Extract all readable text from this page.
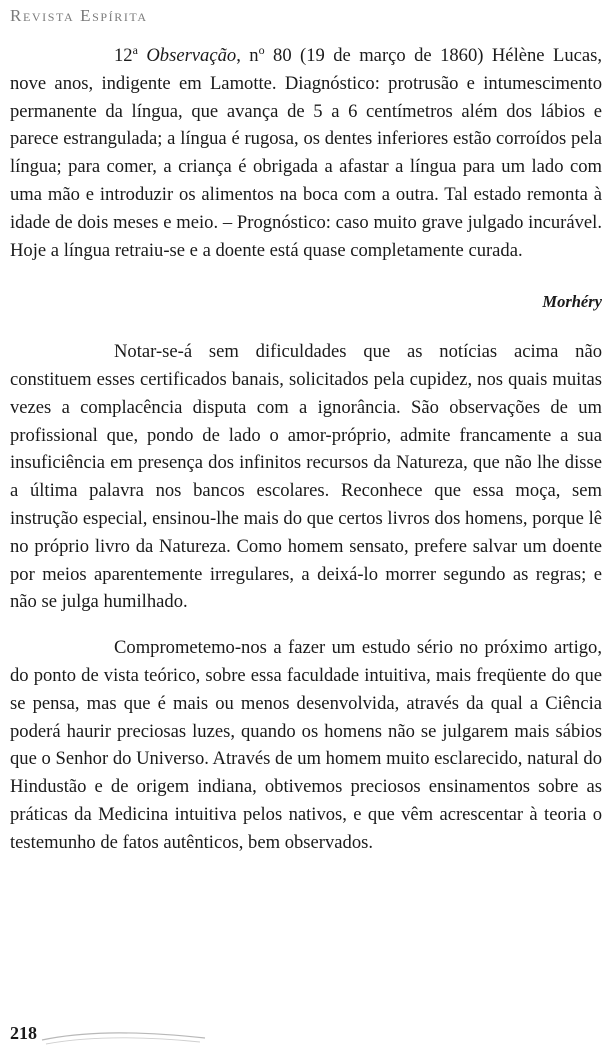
Revista Espírita

12$^a$ Observação, $n^o$ 80 (19 de março de 1860) Hélène Lucas, nove anos, indigente em Lamotte. Diagnóstico: protrusão e intumescimento permanente da língua, que avança de 5 a 6 centímetros além dos lábios e parece estrangulada; a língua é rugosa, os dentes inferiores estão corroídos pela língua; para comer, a criança é obrigada a afastar a língua para um lado com uma mão e introduzir os alimentos na boca com a outra. Tal estado remonta à idade de dois meses e meio. – Prognóstico: caso muito grave julgado incurável. Hoje a língua retraiu-se e a doente está quase completamente curada.

Morhéry

Notar-se-á sem dificuldades que as notícias acima não constituem esses certificados banais, solicitados pela cupidez, nos quais muitas vezes a complacência disputa com a ignorância. São observações de um profissional que, pondo de lado o amor-próprio, admite francamente a sua insuficiência em presença dos infinitos recursos da Natureza, que não lhe disse a última palavra nos bancos escolares. Reconhece que essa moça, sem instrução especial, ensinou-lhe mais do que certos livros dos homens, porque lê no próprio livro da Natureza. Como homem sensato, prefere salvar um doente por meios aparentemente irregulares, a deixá-lo morrer segundo as regras; e não se julga humilhado.

Comprometemo-nos a fazer um estudo sério no próximo artigo, do ponto de vista teórico, sobre essa faculdade intuitiva, mais freqüente do que se pensa, mas que é mais ou menos desenvolvida, através da qual a Ciência poderá haurir preciosas luzes, quando os homens não se julgarem mais sábios que o Senhor do Universo. Através de um homem muito esclarecido, natural do Hindustão e de origem indiana, obtivemos preciosos ensinamentos sobre as práticas da Medicina intuitiva pelos nativos, e que vêm acrescentar à teoria o testemunho de fatos autênticos, bem observados.

218
